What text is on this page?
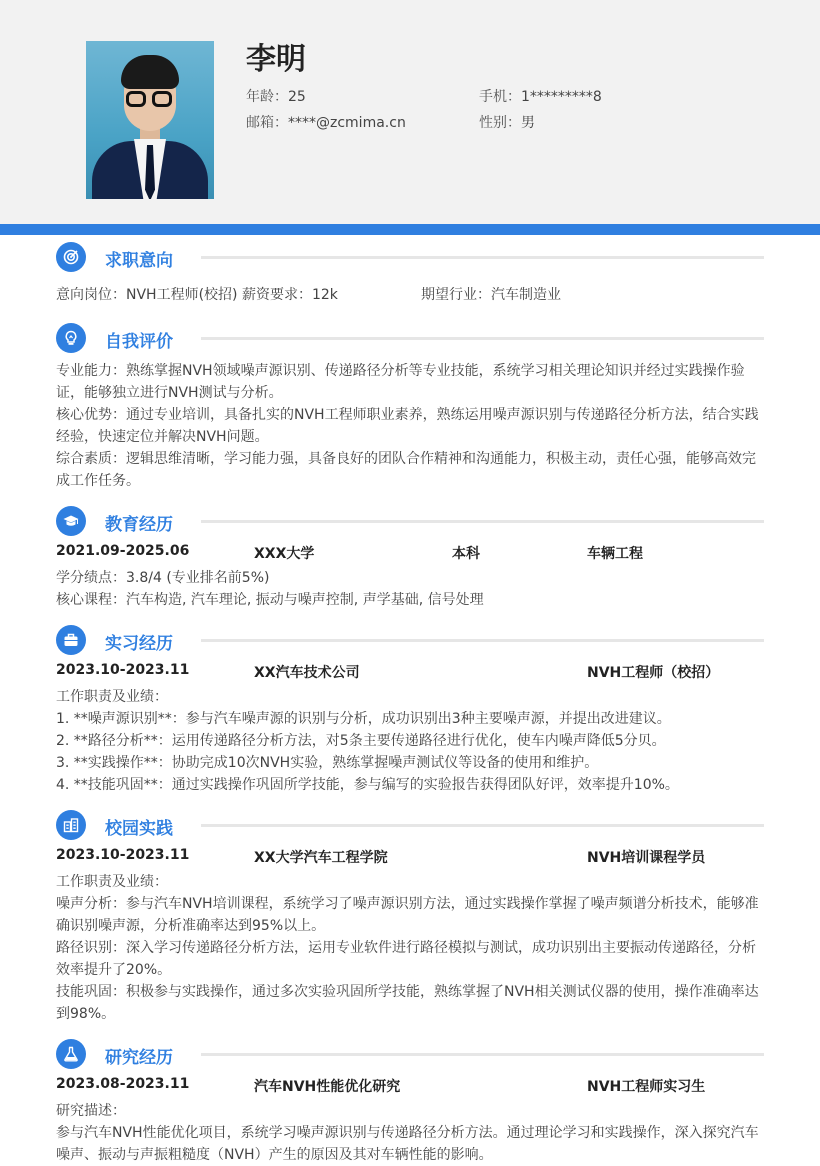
李明
年龄：25	手机：1*********8
邮箱：****@zcmima.cn	性别：男
求职意向
意向岗位：NVH工程师(校招) 薪资要求：12k	期望行业：汽车制造业
自我评价
专业能力：熟练掌握NVH领域噪声源识别、传递路径分析等专业技能，系统学习相关理论知识并经过实践操作验证，能够独立进行NVH测试与分析。
核心优势：通过专业培训，具备扎实的NVH工程师职业素养，熟练运用噪声源识别与传递路径分析方法，结合实践经验，快速定位并解决NVH问题。
综合素质：逻辑思维清晰，学习能力强，具备良好的团队合作精神和沟通能力，积极主动，责任心强，能够高效完成工作任务。
教育经历
2021.09-2025.06	XXX大学	本科	车辆工程
学分绩点：3.8/4 (专业排名前5%)
核心课程：汽车构造, 汽车理论, 振动与噪声控制, 声学基础, 信号处理
实习经历
2023.10-2023.11	XX汽车技术公司	NVH工程师（校招）
工作职责及业绩：
1. **噪声源识别**：参与汽车噪声源的识别与分析，成功识别出3种主要噪声源，并提出改进建议。
2. **路径分析**：运用传递路径分析方法，对5条主要传递路径进行优化，使车内噪声降低5分贝。
3. **实践操作**：协助完成10次NVH实验，熟练掌握噪声测试仪等设备的使用和维护。
4. **技能巩固**：通过实践操作巩固所学技能，参与编写的实验报告获得团队好评，效率提升10%。
校园实践
2023.10-2023.11	XX大学汽车工程学院	NVH培训课程学员
工作职责及业绩：
噪声分析：参与汽车NVH培训课程，系统学习了噪声源识别方法，通过实践操作掌握了噪声频谱分析技术，能够准确识别噪声源，分析准确率达到95%以上。
路径识别：深入学习传递路径分析方法，运用专业软件进行路径模拟与测试，成功识别出主要振动传递路径，分析效率提升了20%。
技能巩固：积极参与实践操作，通过多次实验巩固所学技能，熟练掌握了NVH相关测试仪器的使用，操作准确率达到98%。
研究经历
2023.08-2023.11	汽车NVH性能优化研究	NVH工程师实习生
研究描述：
参与汽车NVH性能优化项目，系统学习噪声源识别与传递路径分析方法。通过理论学习和实践操作，深入探究汽车噪声、振动与声振粗糙度（NVH）产生的原因及其对车辆性能的影响。
